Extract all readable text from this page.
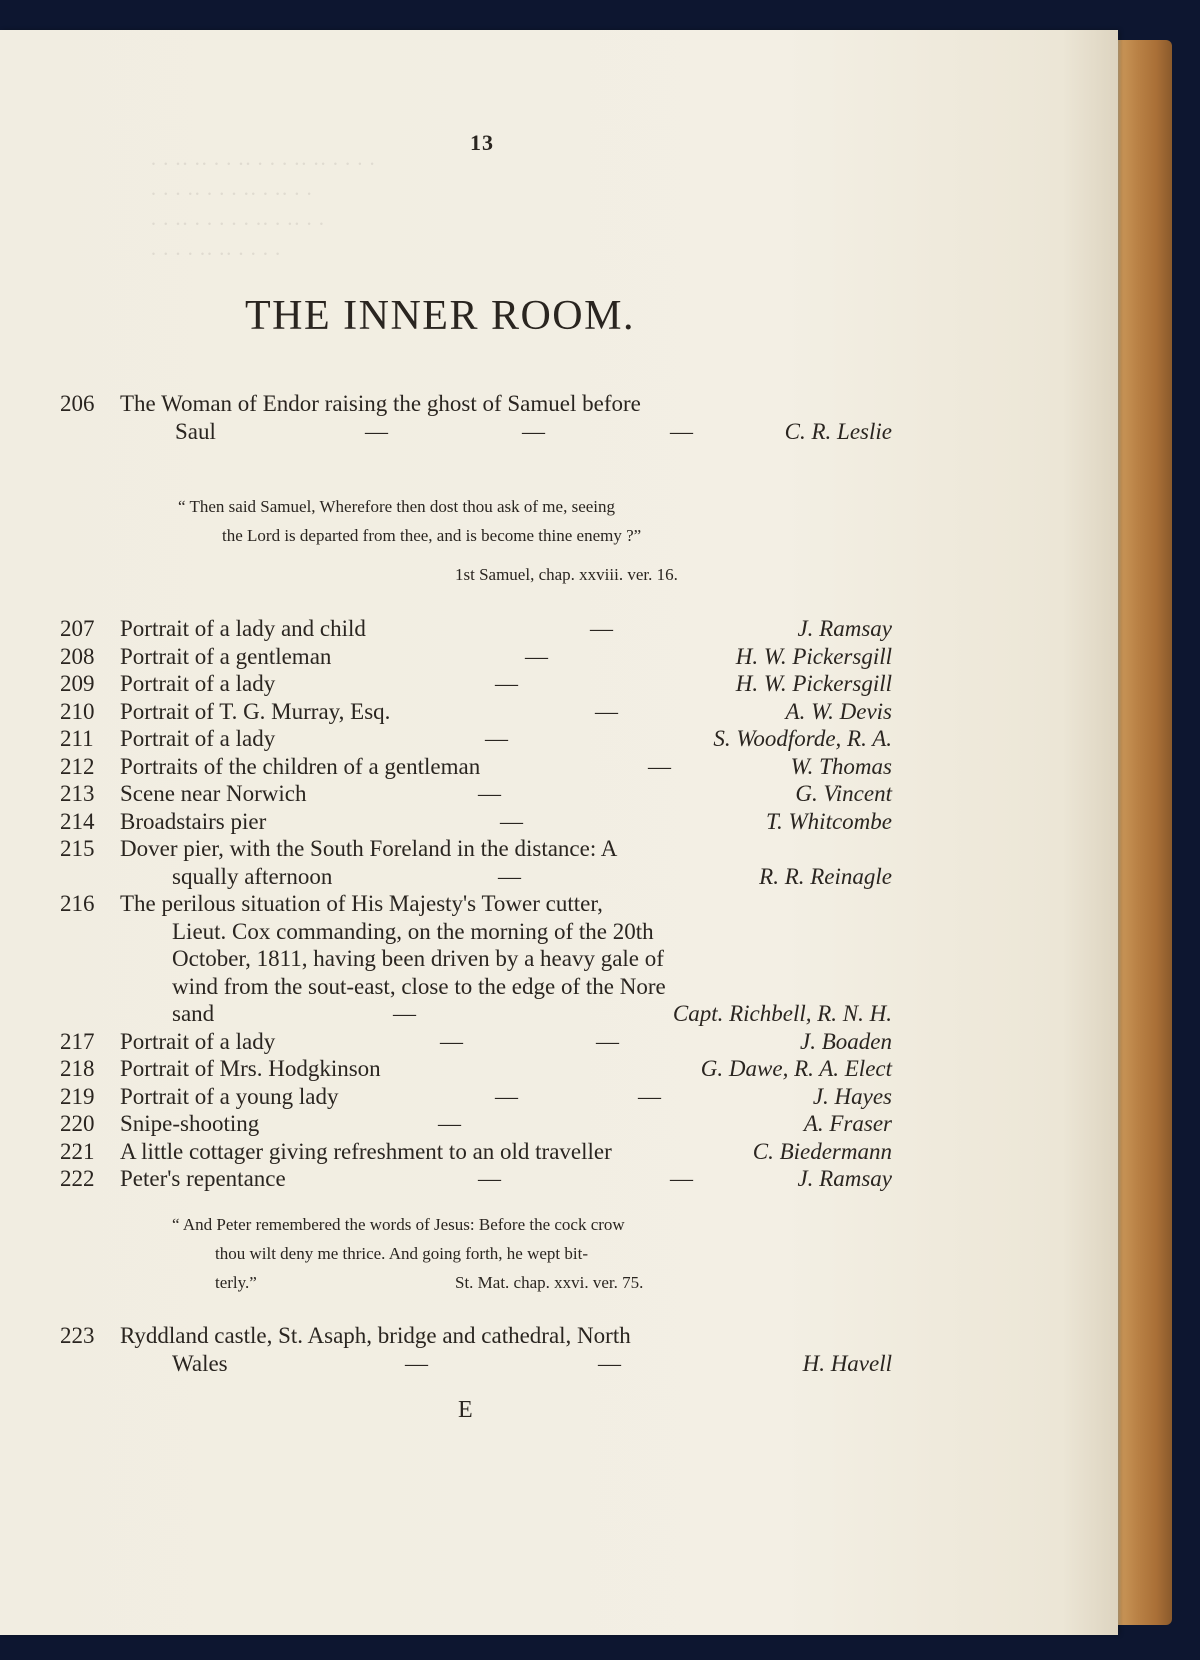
· · ·· ·· · · ·· · · · ·· ·· · · · ·
· · · ·· · · · ·· · ·· · ·
· · ·· · · · · · ·· · ·· · ·
· · · · ·· ·· · · · ·
13
THE INNER ROOM.
206 The Woman of Endor raising the ghost of Samuel before
Saul	—	—	—	C. R. Leslie
“ Then said Samuel, Wherefore then dost thou ask of me, seeing
the Lord is departed from thee, and is become thine enemy ?”
1st Samuel, chap. xxviii. ver. 16.
207 Portrait of a lady and child	—	J. Ramsay
208 Portrait of a gentleman	—	H. W. Pickersgill
209 Portrait of a lady	—	H. W. Pickersgill
210 Portrait of T. G. Murray, Esq.	—	A. W. Devis
211 Portrait of a lady	—	S. Woodforde, R. A.
212 Portraits of the children of a gentleman	—	W. Thomas
213 Scene near Norwich	—	G. Vincent
214 Broadstairs pier	—	T. Whitcombe
215 Dover pier, with the South Foreland in the distance: A
squally afternoon	—	R. R. Reinagle
216 The perilous situation of His Majesty's Tower cutter,
Lieut. Cox commanding, on the morning of the 20th
October, 1811, having been driven by a heavy gale of
wind from the sout-east, close to the edge of the Nore
sand	—	Capt. Richbell, R. N. H.
217 Portrait of a lady	—	—	J. Boaden
218 Portrait of Mrs. Hodgkinson	G. Dawe, R. A. Elect
219 Portrait of a young lady	—	—	J. Hayes
220 Snipe-shooting	—	A. Fraser
221 A little cottager giving refreshment to an old traveller	C. Biedermann
222 Peter's repentance	—	—	J. Ramsay
“ And Peter remembered the words of Jesus: Before the cock crow
thou wilt deny me thrice. And going forth, he wept bit-
terly.”	St. Mat. chap. xxvi. ver. 75.
223 Ryddland castle, St. Asaph, bridge and cathedral, North
Wales	—	—	H. Havell
E
